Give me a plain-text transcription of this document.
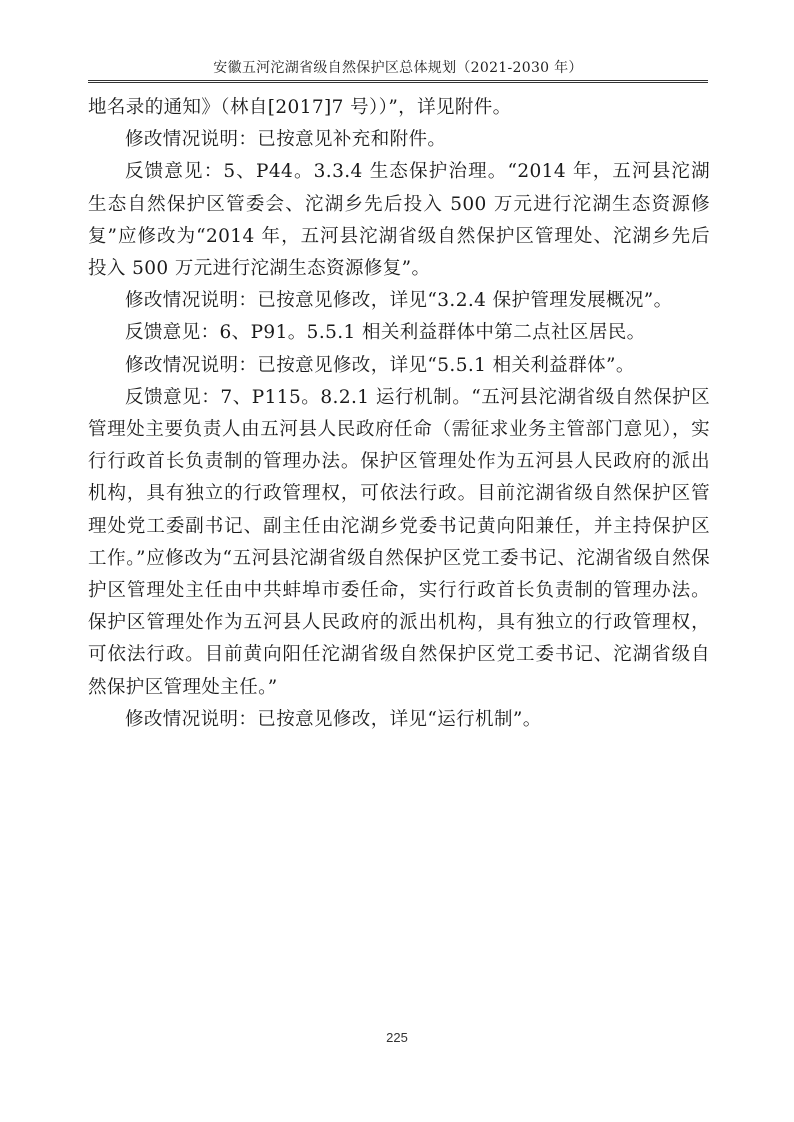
安徽五河沱湖省级自然保护区总体规划（2021-2030 年）

地名录的通知》（林自[2017]7 号））”，详见附件。

修改情况说明：已按意见补充和附件。

反馈意见：5、P44。3.3.4 生态保护治理。“2014 年，五河县沱湖生态自然保护区管委会、沱湖乡先后投入 500 万元进行沱湖生态资源修复”应修改为“2014 年，五河县沱湖省级自然保护区管理处、沱湖乡先后投入 500 万元进行沱湖生态资源修复”。

修改情况说明：已按意见修改，详见“3.2.4 保护管理发展概况”。

反馈意见：6、P91。5.5.1 相关利益群体中第二点社区居民。

修改情况说明：已按意见修改，详见“5.5.1 相关利益群体”。

反馈意见：7、P115。8.2.1 运行机制。“五河县沱湖省级自然保护区管理处主要负责人由五河县人民政府任命（需征求业务主管部门意见），实行行政首长负责制的管理办法。保护区管理处作为五河县人民政府的派出机构，具有独立的行政管理权，可依法行政。目前沱湖省级自然保护区管理处党工委副书记、副主任由沱湖乡党委书记黄向阳兼任，并主持保护区工作。”应修改为“五河县沱湖省级自然保护区党工委书记、沱湖省级自然保护区管理处主任由中共蚌埠市委任命，实行行政首长负责制的管理办法。保护区管理处作为五河县人民政府的派出机构，具有独立的行政管理权，可依法行政。目前黄向阳任沱湖省级自然保护区党工委书记、沱湖省级自然保护区管理处主任。”

修改情况说明：已按意见修改，详见“运行机制”。

225
